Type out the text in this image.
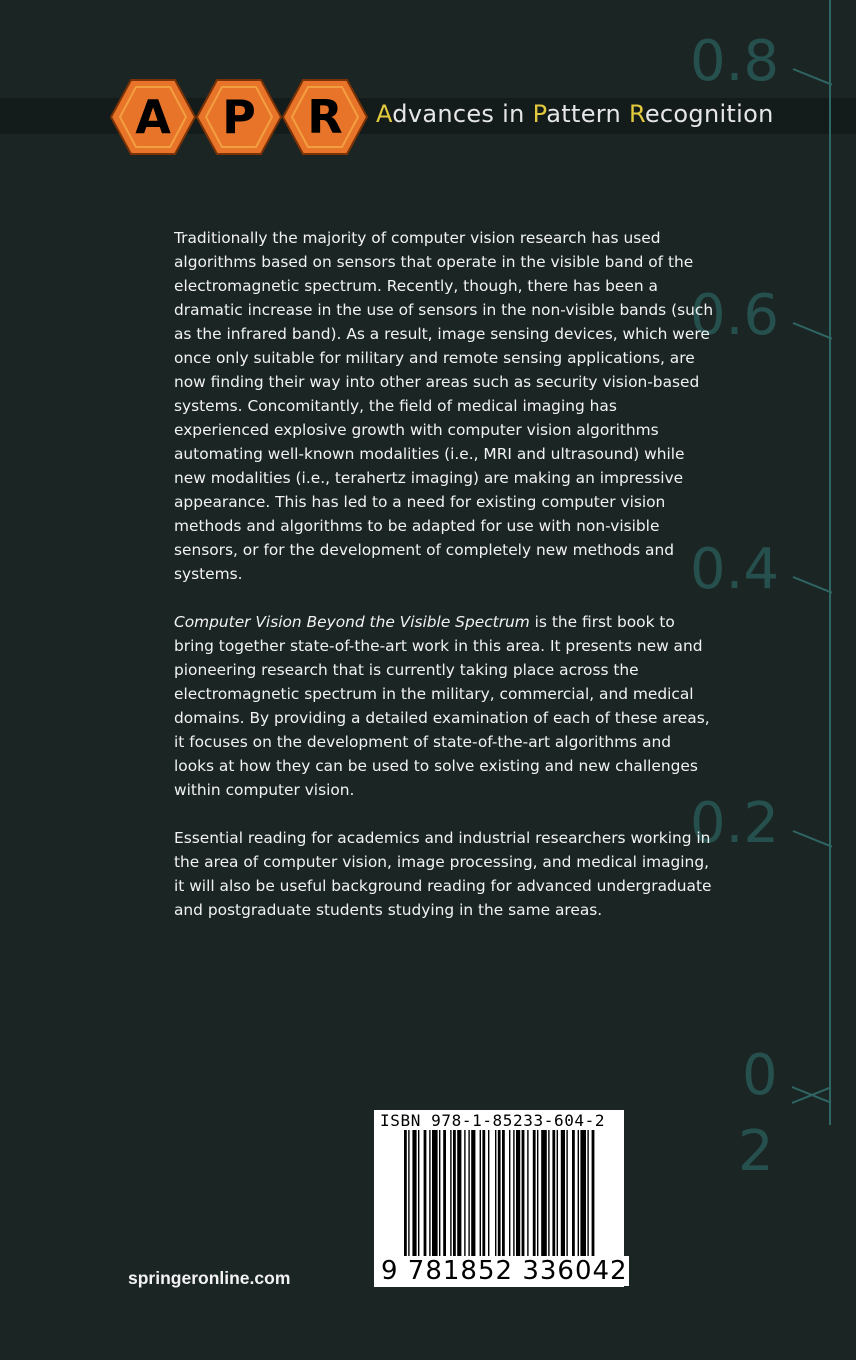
0.8
0.6
0.4
0.2
0
2
A	P	R	Advances in Pattern Recognition

Traditionally the majority of computer vision research has used algorithms based on sensors that operate in the visible band of the electromagnetic spectrum. Recently, though, there has been a dramatic increase in the use of sensors in the non-visible bands (such as the infrared band). As a result, image sensing devices, which were once only suitable for military and remote sensing applications, are now finding their way into other areas such as security vision-based systems. Concomitantly, the field of medical imaging has experienced explosive growth with computer vision algorithms automating well-known modalities (i.e., MRI and ultrasound) while new modalities (i.e., terahertz imaging) are making an impressive appearance. This has led to a need for existing computer vision methods and algorithms to be adapted for use with non-visible sensors, or for the development of completely new methods and systems.

Computer Vision Beyond the Visible Spectrum is the first book to bring together state-of-the-art work in this area. It presents new and pioneering research that is currently taking place across the electromagnetic spectrum in the military, commercial, and medical domains. By providing a detailed examination of each of these areas, it focuses on the development of state-of-the-art algorithms and looks at how they can be used to solve existing and new challenges within computer vision.

Essential reading for academics and industrial researchers working in the area of computer vision, image processing, and medical imaging, it will also be useful background reading for advanced undergraduate and postgraduate students studying in the same areas.

springeronline.com
ISBN 978-1-85233-604-2
9 781852 336042
